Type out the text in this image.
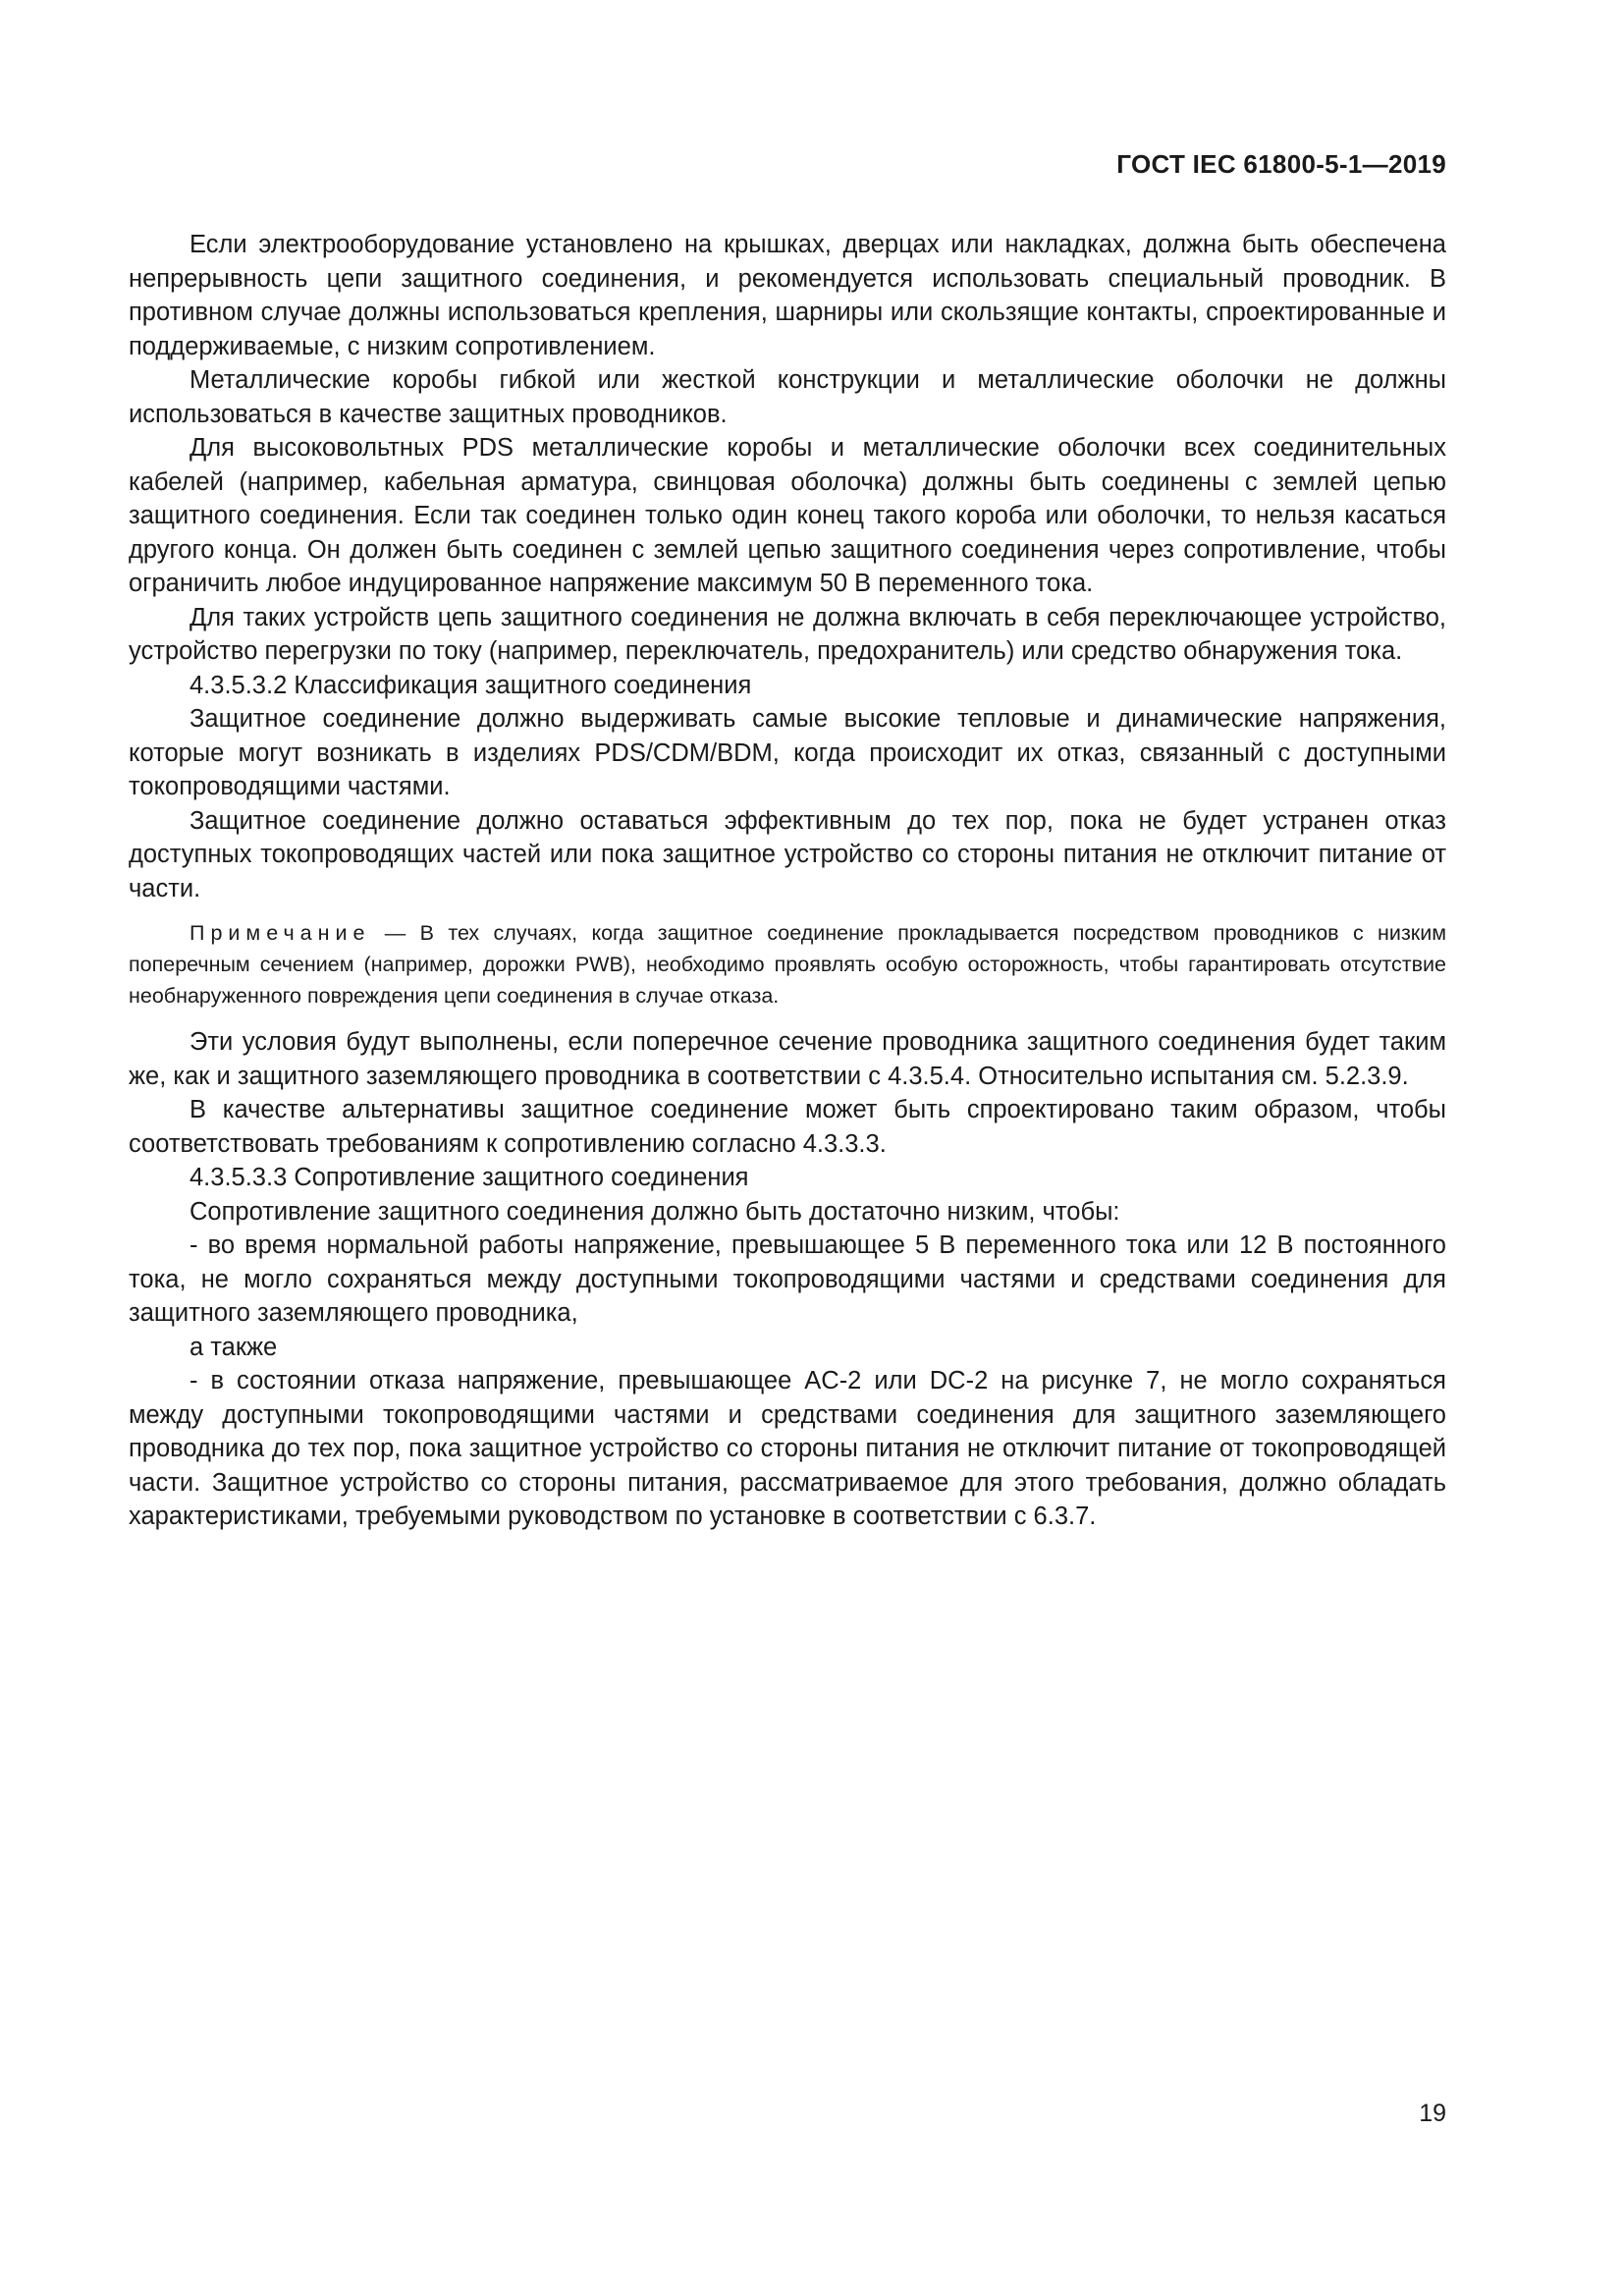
ГОСТ IEC 61800-5-1—2019

Если электрооборудование установлено на крышках, дверцах или накладках, должна быть обеспечена непрерывность цепи защитного соединения, и рекомендуется использовать специальный проводник. В противном случае должны использоваться крепления, шарниры или скользящие контакты, спроектированные и поддерживаемые, с низким сопротивлением.

Металлические коробы гибкой или жесткой конструкции и металлические оболочки не должны использоваться в качестве защитных проводников.

Для высоковольтных PDS металлические коробы и металлические оболочки всех соединительных кабелей (например, кабельная арматура, свинцовая оболочка) должны быть соединены с землей цепью защитного соединения. Если так соединен только один конец такого короба или оболочки, то нельзя касаться другого конца. Он должен быть соединен с землей цепью защитного соединения через сопротивление, чтобы ограничить любое индуцированное напряжение максимум 50 В переменного тока.

Для таких устройств цепь защитного соединения не должна включать в себя переключающее устройство, устройство перегрузки по току (например, переключатель, предохранитель) или средство обнаружения тока.

4.3.5.3.2 Классификация защитного соединения

Защитное соединение должно выдерживать самые высокие тепловые и динамические напряжения, которые могут возникать в изделиях PDS/CDM/BDM, когда происходит их отказ, связанный с доступными токопроводящими частями.

Защитное соединение должно оставаться эффективным до тех пор, пока не будет устранен отказ доступных токопроводящих частей или пока защитное устройство со стороны питания не отключит питание от части.

Примечание — В тех случаях, когда защитное соединение прокладывается посредством проводников с низким поперечным сечением (например, дорожки PWB), необходимо проявлять особую осторожность, чтобы гарантировать отсутствие необнаруженного повреждения цепи соединения в случае отказа.

Эти условия будут выполнены, если поперечное сечение проводника защитного соединения будет таким же, как и защитного заземляющего проводника в соответствии с 4.3.5.4. Относительно испытания см. 5.2.3.9.

В качестве альтернативы защитное соединение может быть спроектировано таким образом, чтобы соответствовать требованиям к сопротивлению согласно 4.3.3.3.

4.3.5.3.3 Сопротивление защитного соединения

Сопротивление защитного соединения должно быть достаточно низким, чтобы:

- во время нормальной работы напряжение, превышающее 5 В переменного тока или 12 В постоянного тока, не могло сохраняться между доступными токопроводящими частями и средствами соединения для защитного заземляющего проводника,

а также

- в состоянии отказа напряжение, превышающее AC-2 или DC-2 на рисунке 7, не могло сохраняться между доступными токопроводящими частями и средствами соединения для защитного заземляющего проводника до тех пор, пока защитное устройство со стороны питания не отключит питание от токопроводящей части. Защитное устройство со стороны питания, рассматриваемое для этого требования, должно обладать характеристиками, требуемыми руководством по установке в соответствии с 6.3.7.

19
